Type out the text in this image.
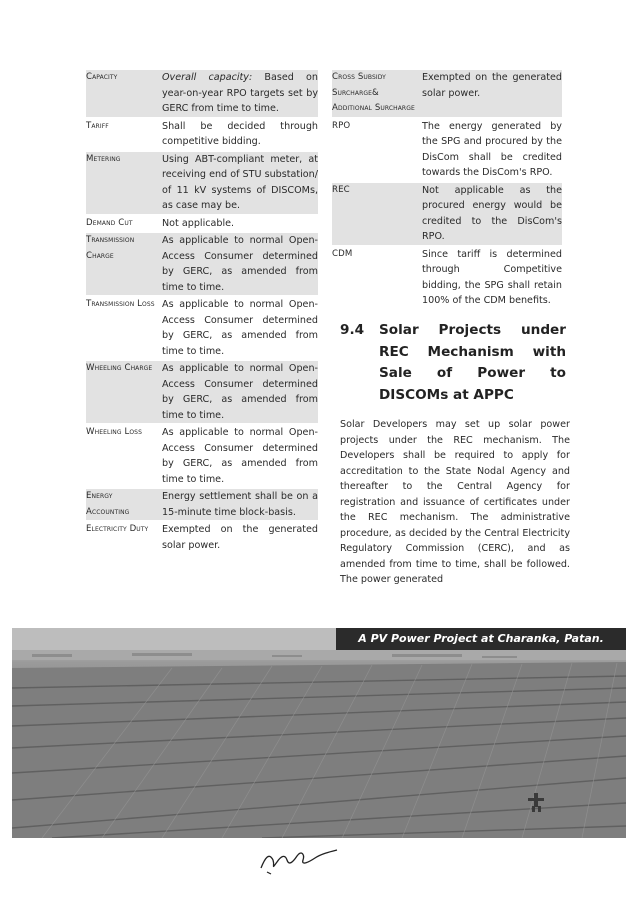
Capacity	Overall capacity: Based on year-on-year RPO targets set by GERC from time to time.

Tariff	Shall be decided through competitive bidding.

Metering	Using ABT-compliant meter, at receiving end of STU substation/ of 11 kV systems of DISCOMs, as case may be.

Demand Cut	Not applicable.

Transmission Charge	As applicable to normal Open-Access Consumer determined by GERC, as amended from time to time.

Transmission Loss	As applicable to normal Open-Access Consumer determined by GERC, as amended from time to time.

Wheeling Charge	As applicable to normal Open-Access Consumer determined by GERC, as amended from time to time.

Wheeling Loss	As applicable to normal Open-Access Consumer determined by GERC, as amended from time to time.

Energy Accounting	Energy settlement shall be on a 15-minute time block-basis.

Electricity Duty	Exempted on the generated solar power.
Cross Subsidy Surcharge& Additional Surcharge	Exempted on the generated solar power.

RPO	The energy generated by the SPG and procured by the DisCom shall be credited towards the DisCom's RPO.

REC	Not applicable as the procured energy would be credited to the DisCom's RPO.

CDM	Since tariff is determined through Competitive bidding, the SPG shall retain 100% of the CDM benefits.
9.4 Solar Projects under REC Mechanism with Sale of Power to DISCOMs at APPC
Solar Developers may set up solar power projects under the REC mechanism. The Developers shall be required to apply for accreditation to the State Nodal Agency and thereafter to the Central Agency for registration and issuance of certificates under the REC mechanism. The administrative procedure, as decided by the Central Electricity Regulatory Commission (CERC), and as amended from time to time, shall be followed. The power generated
A PV Power Project at Charanka, Patan.
